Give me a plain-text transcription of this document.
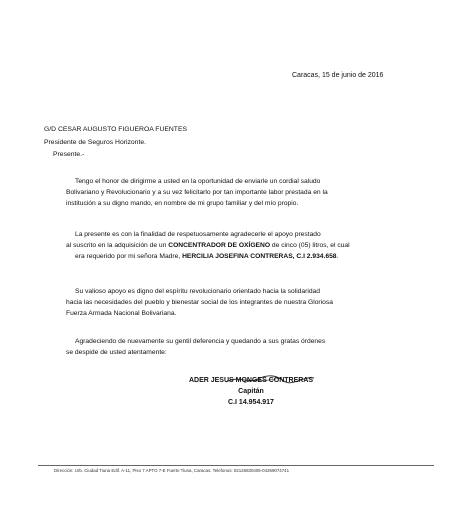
Caracas, 15 de junio de 2016
G/D CESAR AUGUSTO FIGUEROA FUENTES
Presidente de Seguros Horizonte.
Presente.-
Tengo el honor de dirigirme a usted en la oportunidad de enviarle un cordial saludo
Bolivariano y Revolucionario y a su vez felicitarlo por tan importante labor prestada en la
institución a su digno mando, en nombre de mi grupo familiar y del mío propio.
La presente es con la finalidad de respetuosamente agradecerle el apoyo prestado
al suscrito en la adquisición de un CONCENTRADOR DE OXÍGENO de cinco (05) litros, el cual
era requerido por mi señora Madre, HERCILIA JOSEFINA CONTRERAS, C.I 2.934.658.
Su valioso apoyo es digno del espíritu revolucionario orientado hacia la solidaridad
hacia las necesidades del pueblo y bienestar social de los integrantes de nuestra Gloriosa
Fuerza Armada Nacional Bolivariana.
Agradeciendo de nuevamente su gentil deferencia y quedando a sus gratas órdenes
se despide de usted atentamente:
ADER JESUS MONGES CONTRERAS
Capitán
C.I 14.954.917
Dirección: Urb. Ciudad Tiuna Edif. A-11, Piso 7 APTO 7-E Fuerte Tiuna, Caracas. Telefonos: 02126830405-04269074741
